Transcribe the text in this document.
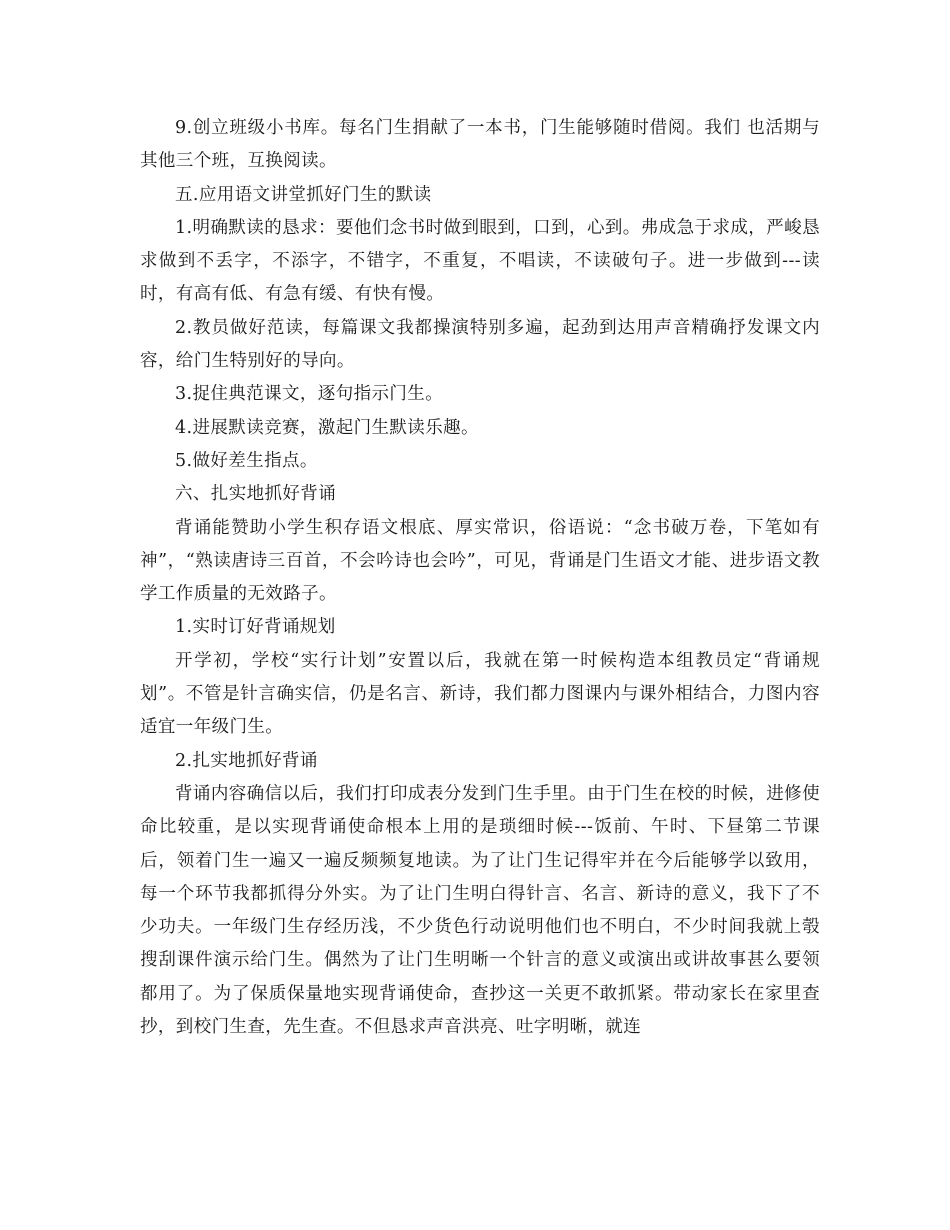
9.创立班级小书库。每名门生捐献了一本书，门生能够随时借阅。我们 也活期与其他三个班，互换阅读。

五.应用语文讲堂抓好门生的默读

1.明确默读的恳求：要他们念书时做到眼到，口到，心到。弗成急于求成，严峻恳求做到不丢字，不添字，不错字，不重复，不唱读，不读破句子。进一步做到---读时，有高有低、有急有缓、有快有慢。

2.教员做好范读，每篇课文我都操演特别多遍，起劲到达用声音精确抒发课文内容，给门生特别好的导向。

3.捉住典范课文，逐句指示门生。

4.进展默读竞赛，激起门生默读乐趣。

5.做好差生指点。

六、扎实地抓好背诵

背诵能赞助小学生积存语文根底、厚实常识，俗语说：“念书破万卷，下笔如有神”，“熟读唐诗三百首，不会吟诗也会吟”，可见，背诵是门生语文才能、进步语文教学工作质量的无效路子。

1.实时订好背诵规划

开学初，学校“实行计划”安置以后，我就在第一时候构造本组教员定“背诵规划”。不管是针言确实信，仍是名言、新诗，我们都力图课内与课外相结合，力图内容适宜一年级门生。

2.扎实地抓好背诵

背诵内容确信以后，我们打印成表分发到门生手里。由于门生在校的时候，进修使命比较重，是以实现背诵使命根本上用的是琐细时候---饭前、午时、下昼第二节课后，领着门生一遍又一遍反频频复地读。为了让门生记得牢并在今后能够学以致用，每一个环节我都抓得分外实。为了让门生明白得针言、名言、新诗的意义，我下了不少功夫。一年级门生存经历浅，不少货色行动说明他们也不明白，不少时间我就上彀搜刮课件演示给门生。偶然为了让门生明晰一个针言的意义或演出或讲故事甚么要领都用了。为了保质保量地实现背诵使命，查抄这一关更不敢抓紧。带动家长在家里查抄，到校门生查，先生查。不但恳求声音洪亮、吐字明晰，就连
